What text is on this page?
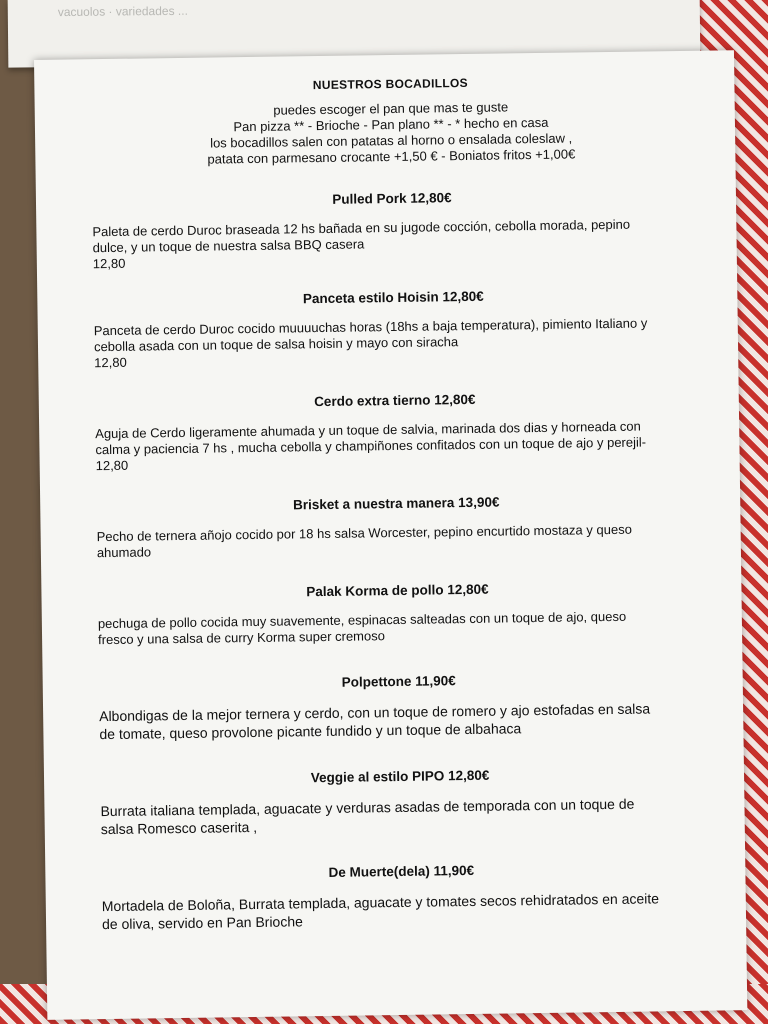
vacuolos · variedades ...
NUESTROS BOCADILLOS
puedes escoger el pan que mas te guste
Pan pizza ** - Brioche - Pan plano ** - * hecho en casa
los bocadillos salen con patatas al horno o ensalada coleslaw ,
patata con parmesano crocante +1,50 € - Boniatos fritos +1,00€
Pulled Pork 12,80€
Paleta de cerdo Duroc braseada 12 hs bañada en su jugode cocción, cebolla morada, pepino dulce, y un toque de nuestra salsa BBQ casera
12,80
Panceta estilo Hoisin 12,80€
Panceta de cerdo Duroc cocido muuuuchas horas (18hs a baja temperatura), pimiento Italiano y cebolla asada con un toque de salsa hoisin y mayo con siracha
12,80
Cerdo extra tierno 12,80€
Aguja de Cerdo ligeramente ahumada y un toque de salvia, marinada dos dias y horneada con calma y paciencia 7 hs , mucha cebolla y champiñones confitados con un toque de ajo y perejil-
12,80
Brisket a nuestra manera 13,90€
Pecho de ternera añojo cocido por 18 hs salsa Worcester, pepino encurtido mostaza y queso ahumado
Palak Korma de pollo 12,80€
pechuga de pollo cocida muy suavemente, espinacas salteadas con un toque de ajo, queso fresco y una salsa de curry Korma super cremoso
Polpettone 11,90€
Albondigas de la mejor ternera y cerdo, con un toque de romero y ajo estofadas en salsa de tomate, queso provolone picante fundido y un toque de albahaca
Veggie al estilo PIPO 12,80€
Burrata italiana templada, aguacate y verduras asadas de temporada con un toque de salsa Romesco caserita ,
De Muerte(dela) 11,90€
Mortadela de Boloña, Burrata templada, aguacate y tomates secos rehidratados en aceite de oliva, servido en Pan Brioche
